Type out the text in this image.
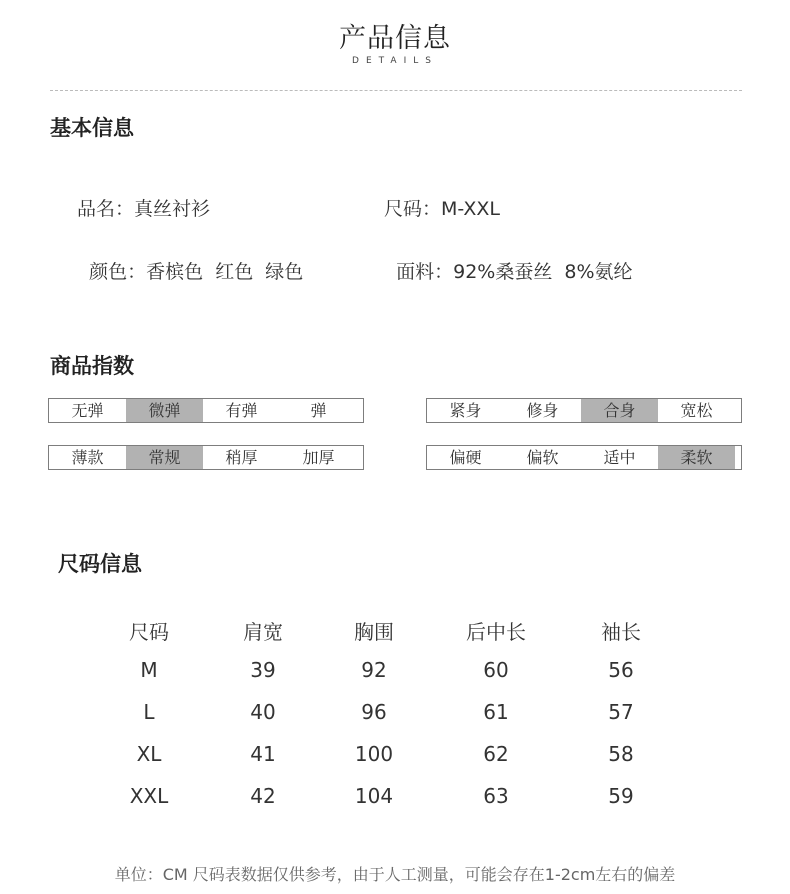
产品信息
DETAILS
基本信息
品名：真丝衬衫	尺码：M-XXL

颜色：香槟色  红色  绿色	面料：92%桑蚕丝  8%氨纶

商品指数
无弹	微弹	有弹	弹	紧身	修身	合身	宽松
薄款	常规	稍厚	加厚	偏硬	偏软	适中	柔软
尺码信息
尺码	肩宽	胸围	后中长	袖长
M	39	92	60	56
L	40	96	61	57
XL	41	100	62	58
XXL	42	104	63	59
单位：CM 尺码表数据仅供参考，由于人工测量，可能会存在1-2cm左右的偏差
